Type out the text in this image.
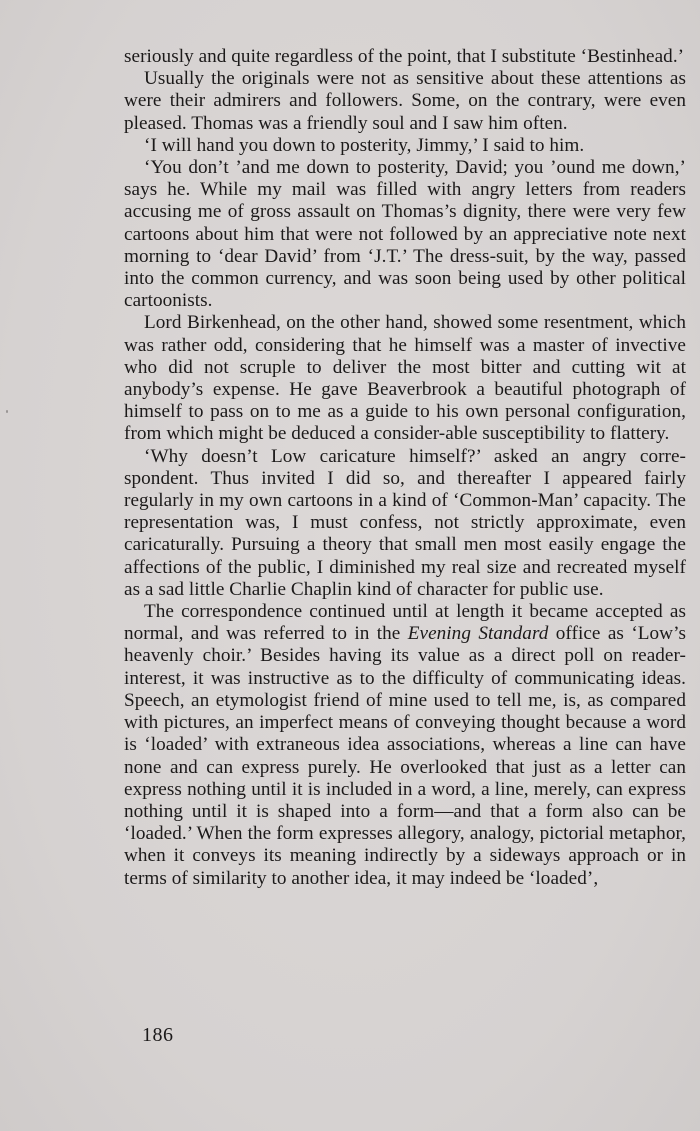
seriously and quite regardless of the point, that I substitute ‘Bestinhead.’

Usually the originals were not as sensitive about these attentions as were their admirers and followers. Some, on the contrary, were even pleased. Thomas was a friendly soul and I saw him often.

‘I will hand you down to posterity, Jimmy,’ I said to him.

‘You don’t ’and me down to posterity, David; you ’ound me down,’ says he. While my mail was filled with angry letters from readers accusing me of gross assault on Thomas’s dignity, there were very few cartoons about him that were not followed by an appreciative note next morning to ‘dear David’ from ‘J.T.’ The dress-suit, by the way, passed into the common currency, and was soon being used by other political cartoonists.

Lord Birkenhead, on the other hand, showed some resentment, which was rather odd, considering that he himself was a master of invective who did not scruple to deliver the most bitter and cutting wit at anybody’s expense. He gave Beaverbrook a beautiful photograph of himself to pass on to me as a guide to his own personal configuration, from which might be deduced a consider-able susceptibility to flattery.

‘Why doesn’t Low caricature himself?’ asked an angry corre-spondent. Thus invited I did so, and thereafter I appeared fairly regularly in my own cartoons in a kind of ‘Common-Man’ capacity. The representation was, I must confess, not strictly approximate, even caricaturally. Pursuing a theory that small men most easily engage the affections of the public, I diminished my real size and recreated myself as a sad little Charlie Chaplin kind of character for public use.

The correspondence continued until at length it became accepted as normal, and was referred to in the Evening Standard office as ‘Low’s heavenly choir.’ Besides having its value as a direct poll on reader-interest, it was instructive as to the difficulty of communicating ideas. Speech, an etymologist friend of mine used to tell me, is, as compared with pictures, an imperfect means of conveying thought because a word is ‘loaded’ with extraneous idea associations, whereas a line can have none and can express purely. He overlooked that just as a letter can express nothing until it is included in a word, a line, merely, can express nothing until it is shaped into a form—and that a form also can be ‘loaded.’ When the form expresses allegory, analogy, pictorial metaphor, when it conveys its meaning indirectly by a sideways approach or in terms of similarity to another idea, it may indeed be ‘loaded’,

186
